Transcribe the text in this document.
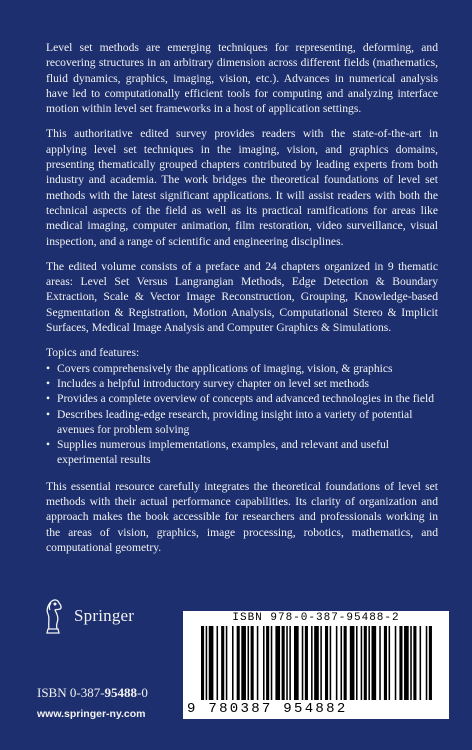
Level set methods are emerging techniques for representing, deforming, and recovering structures in an arbitrary dimension across different fields (mathematics, fluid dynamics, graphics, imaging, vision, etc.). Advances in numerical analysis have led to computationally efficient tools for computing and analyzing interface motion within level set frameworks in a host of application settings.

This authoritative edited survey provides readers with the state-of-the-art in applying level set techniques in the imaging, vision, and graphics domains, presenting thematically grouped chapters contributed by leading experts from both industry and academia. The work bridges the theoretical foundations of level set methods with the latest significant applications. It will assist readers with both the technical aspects of the field as well as its practical ramifications for areas like medical imaging, computer animation, film restoration, video surveillance, visual inspection, and a range of scientific and engineering disciplines.

The edited volume consists of a preface and 24 chapters organized in 9 thematic areas: Level Set Versus Langrangian Methods, Edge Detection & Boundary Extraction, Scale & Vector Image Reconstruction, Grouping, Knowledge-based Segmentation & Registration, Motion Analysis, Computational Stereo & Implicit Surfaces, Medical Image Analysis and Computer Graphics & Simulations.

Topics and features:
• Covers comprehensively the applications of imaging, vision, & graphics
• Includes a helpful introductory survey chapter on level set methods
• Provides a complete overview of concepts and advanced technologies in the field
• Describes leading-edge research, providing insight into a variety of potential avenues for problem solving
• Supplies numerous implementations, examples, and relevant and useful experimental results

This essential resource carefully integrates the theoretical foundations of level set methods with their actual performance capabilities. Its clarity of organization and approach makes the book accessible for researchers and professionals working in the areas of vision, graphics, image processing, robotics, mathematics, and computational geometry.

Springer	ISBN 978-0-387-95488-2
9 780387 954882
ISBN 0-387-95488-0
www.springer-ny.com
